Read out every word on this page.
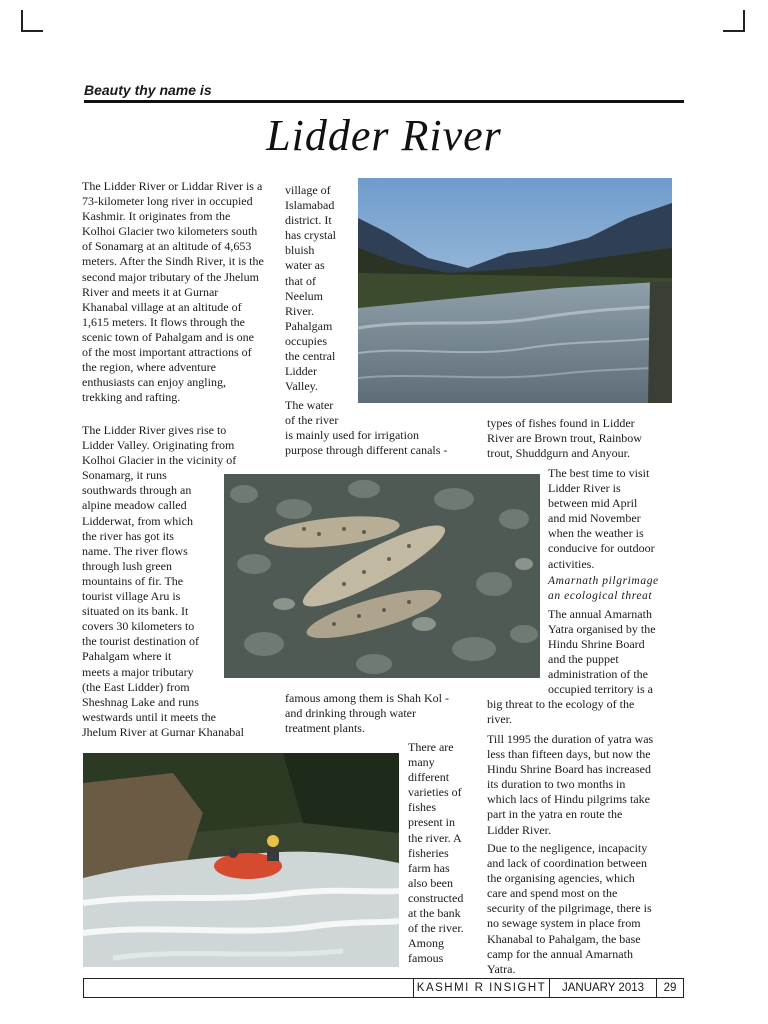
Beauty thy name is
Lidder River
The Lidder River or Liddar River is a 73-kilometer long river in occupied Kashmir. It originates from the Kolhoi Glacier two kilometers south of Sonamarg at an altitude of 4,653 meters. After the Sindh River, it is the second major tributary of the Jhelum River and meets it at Gurnar Khanabal village at an altitude of 1,615 meters. It flows through the scenic town of Pahalgam and is one of the most important attractions of the region, where adventure enthusiasts can enjoy angling, trekking and rafting.
The Lidder River gives rise to
Lidder Valley. Originating from
Kolhoi Glacier in the vicinity of
Sonamarg, it runs
southwards through an
alpine meadow called
Lidderwat, from which
the river has got its
name. The river flows
through lush green
mountains of fir. The
tourist village Aru is
situated on its bank. It
covers 30 kilometers to
the tourist destination of
Pahalgam where it
meets a major tributary
(the East Lidder) from
Sheshnag Lake and runs
westwards until it meets the
Jhelum River at Gurnar Khanabal
village of
Islamabad
district. It
has crystal
bluish
water as
that of
Neelum
River.
Pahalgam
occupies
the central
Lidder
Valley.
The water
of the river
is mainly used for irrigation
purpose through different canals -
famous among them is Shah Kol -
and drinking through water
treatment plants.
There are
many
different
varieties of
fishes
present in
the river. A
fisheries
farm has
also been
constructed
at the bank
of the river.
Among
famous
types of fishes found in Lidder
River are Brown trout, Rainbow
trout, Shuddgurn and Anyour.
The best time to visit
Lidder River is
between mid April
and mid November
when the weather is
conducive for outdoor
activities.
Amarnath pilgrimage
an ecological threat
The annual Amarnath
Yatra organised by the
Hindu Shrine Board
and the puppet
administration of the
occupied territory is a
big threat to the ecology of the
river.
Till 1995 the duration of yatra was
less than fifteen days, but now the
Hindu Shrine Board has increased
its duration to two months in
which lacs of Hindu pilgrims take
part in the yatra en route the
Lidder River.
Due to the negligence, incapacity
and lack of coordination between
the organising agencies, which
care and spend most on the
security of the pilgrimage, there is
no sewage system in place from
Khanabal to Pahalgam, the base
camp for the annual Amarnath
Yatra.
KASHMI R INSIGHT	JANUARY 2013	29
